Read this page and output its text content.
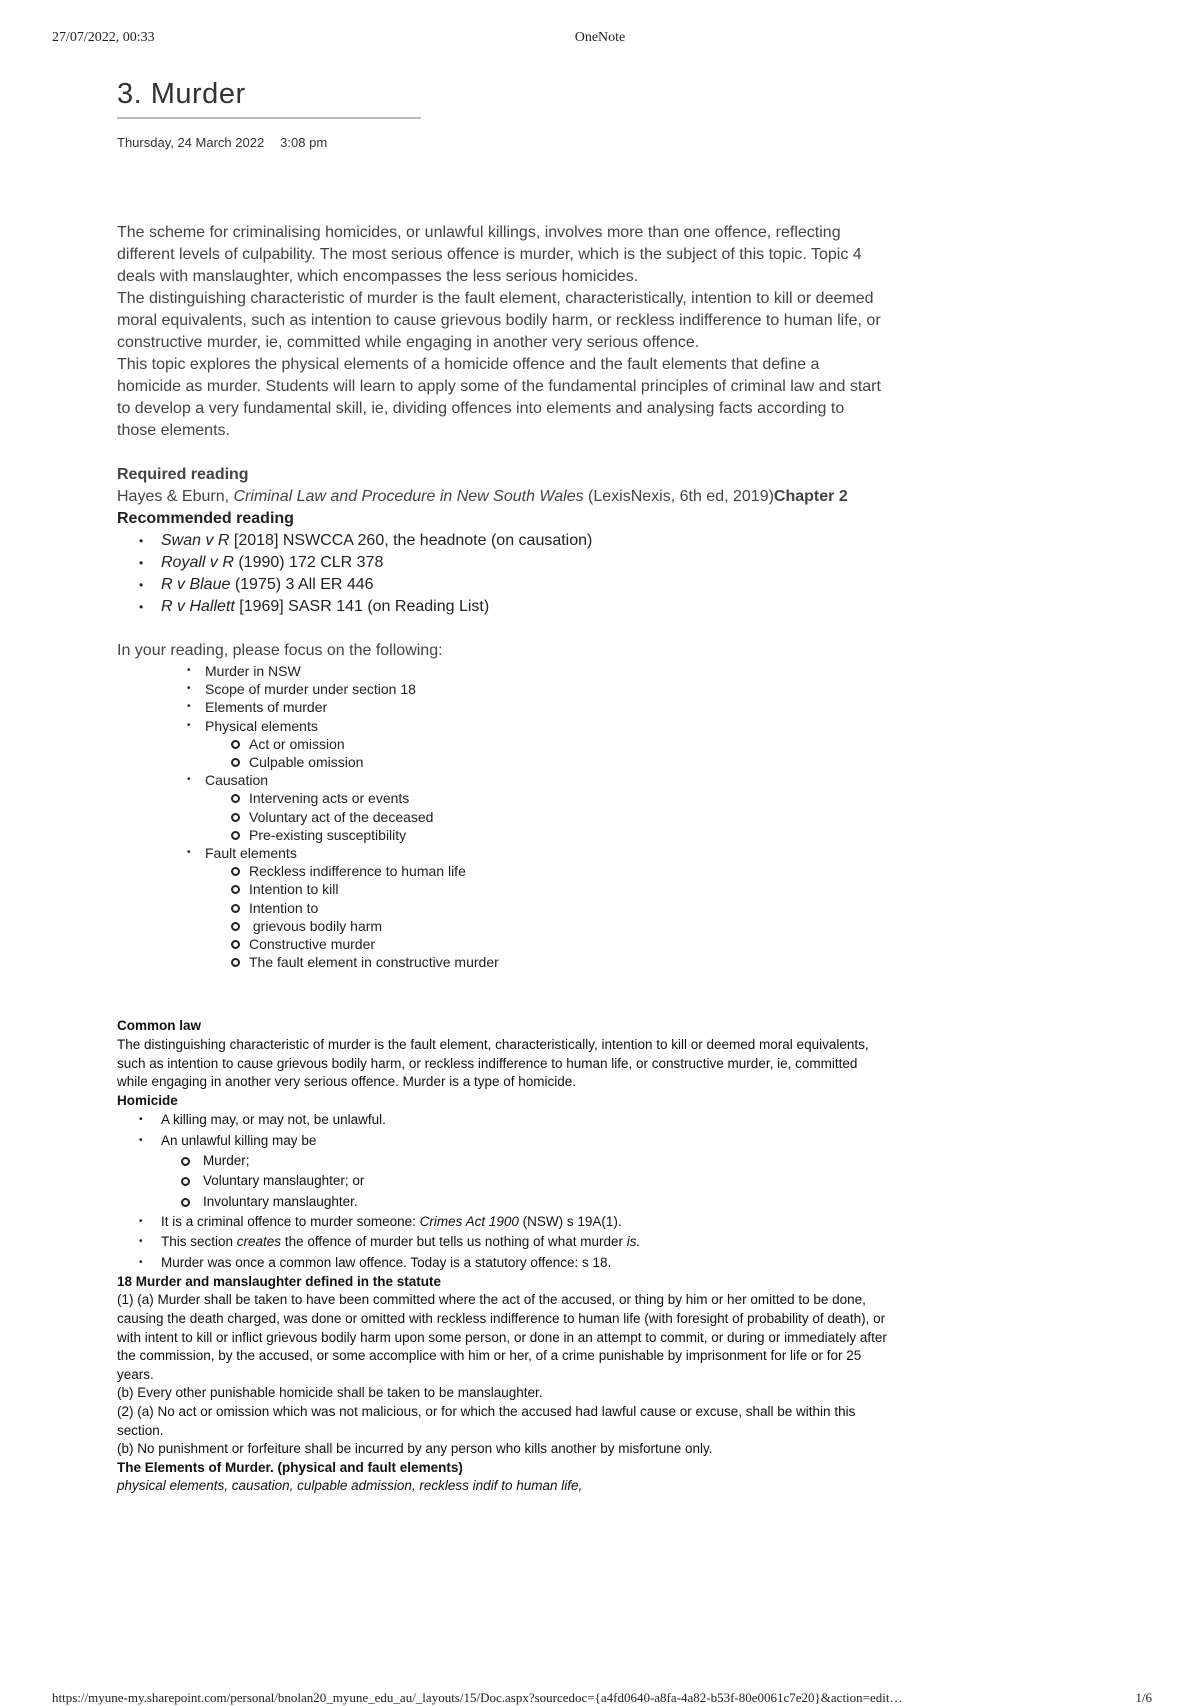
27/07/2022, 00:33	OneNote
3. Murder
Thursday, 24 March 2022 3:08 pm

The scheme for criminalising homicides, or unlawful killings, involves more than one offence, reflecting different levels of culpability. The most serious offence is murder, which is the subject of this topic. Topic 4 deals with manslaughter, which encompasses the less serious homicides.

The distinguishing characteristic of murder is the fault element, characteristically, intention to kill or deemed moral equivalents, such as intention to cause grievous bodily harm, or reckless indifference to human life, or constructive murder, ie, committed while engaging in another very serious offence.

This topic explores the physical elements of a homicide offence and the fault elements that define a homicide as murder. Students will learn to apply some of the fundamental principles of criminal law and start to develop a very fundamental skill, ie, dividing offences into elements and analysing facts according to those elements.

Required reading

Hayes & Eburn, Criminal Law and Procedure in New South Wales (LexisNexis, 6th ed, 2019)Chapter 2

Recommended reading

• Swan v R [2018] NSWCCA 260, the headnote (on causation)
• Royall v R (1990) 172 CLR 378
• R v Blaue (1975) 3 All ER 446
• R v Hallett [1969] SASR 141 (on Reading List)

In your reading, please focus on the following:

• Murder in NSW
• Scope of murder under section 18
• Elements of murder
• Physical elements
Act or omission
Culpable omission
• Causation
Intervening acts or events
Voluntary act of the deceased
Pre-existing susceptibility
• Fault elements
Reckless indifference to human life
Intention to kill
Intention to
grievous bodily harm
Constructive murder
The fault element in constructive murder

Common law

The distinguishing characteristic of murder is the fault element, characteristically, intention to kill or deemed moral equivalents, such as intention to cause grievous bodily harm, or reckless indifference to human life, or constructive murder, ie, committed while engaging in another very serious offence. Murder is a type of homicide.

Homicide

• A killing may, or may not, be unlawful.
• An unlawful killing may be
Murder;
Voluntary manslaughter; or
Involuntary manslaughter.
• It is a criminal offence to murder someone: Crimes Act 1900 (NSW) s 19A(1).
• This section creates the offence of murder but tells us nothing of what murder is.
• Murder was once a common law offence. Today is a statutory offence: s 18.

18 Murder and manslaughter defined in the statute

(1) (a) Murder shall be taken to have been committed where the act of the accused, or thing by him or her omitted to be done, causing the death charged, was done or omitted with reckless indifference to human life (with foresight of probability of death), or with intent to kill or inflict grievous bodily harm upon some person, or done in an attempt to commit, or during or immediately after the commission, by the accused, or some accomplice with him or her, of a crime punishable by imprisonment for life or for 25 years.

(b) Every other punishable homicide shall be taken to be manslaughter.

(2) (a) No act or omission which was not malicious, or for which the accused had lawful cause or excuse, shall be within this section.

(b) No punishment or forfeiture shall be incurred by any person who kills another by misfortune only.

The Elements of Murder. (physical and fault elements)

physical elements, causation, culpable admission, reckless indif to human life,

https://myune-my.sharepoint.com/personal/bnolan20_myune_edu_au/_layouts/15/Doc.aspx?sourcedoc={a4fd0640-a8fa-4a82-b53f-80e0061c7e20}&action=edit…	1/6
